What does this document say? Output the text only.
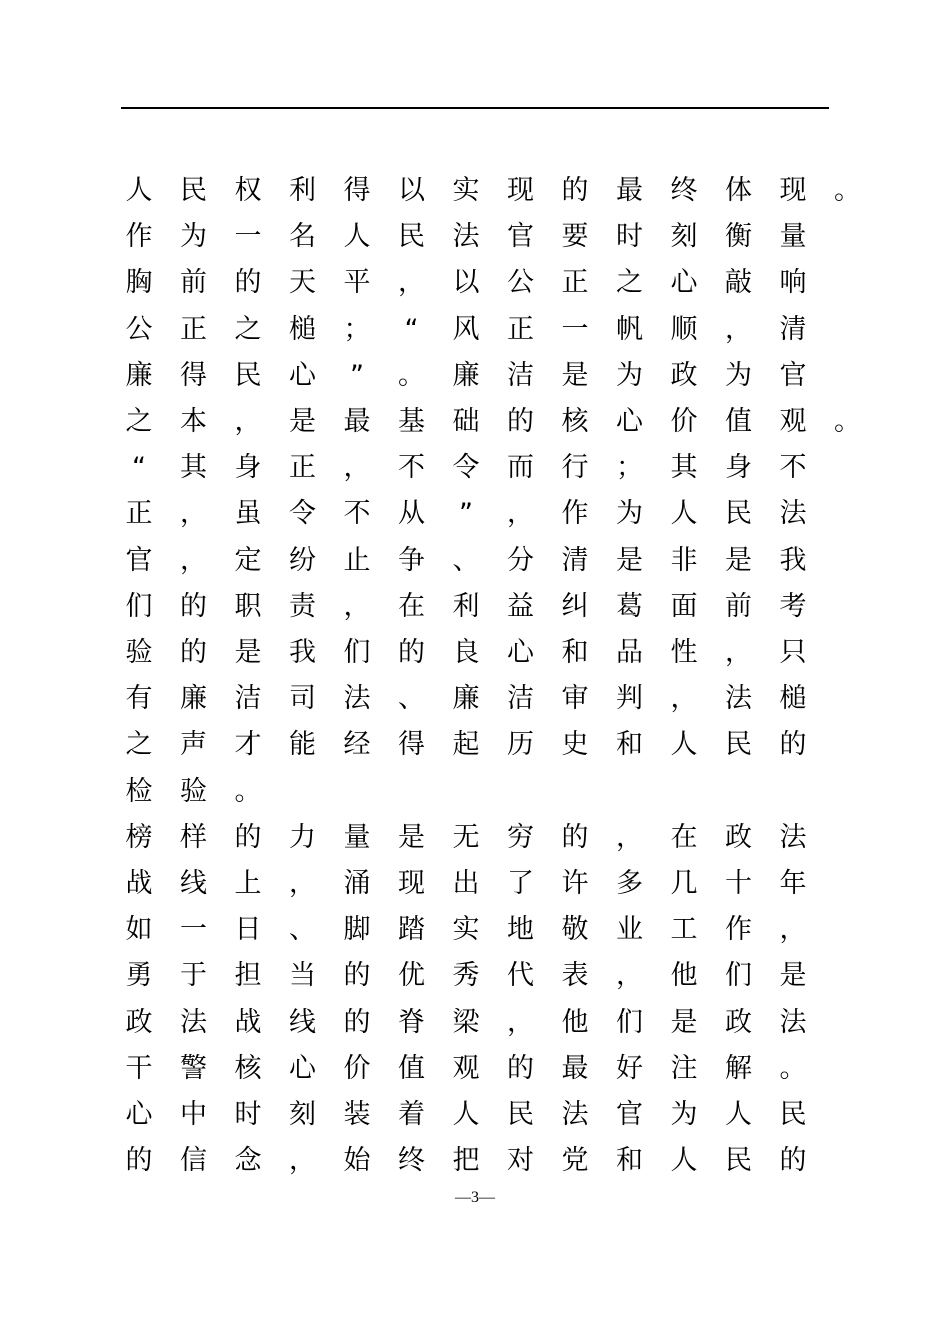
人 民 权 利 得 以 实 现 的 最 终 体 现 。
作 为 一 名 人 民 法 官 要 时 刻 衡 量
胸 前 的 天 平 ， 以 公 正 之 心 敲 响
公 正 之 槌 ； “ 风 正 一 帆 顺 ， 清
廉 得 民 心 ” 。 廉 洁 是 为 政 为 官
之 本 ， 是 最 基 础 的 核 心 价 值 观 。
“ 其 身 正 ， 不 令 而 行 ； 其 身 不
正 ， 虽 令 不 从 ” ， 作 为 人 民 法
官 ， 定 纷 止 争 、 分 清 是 非 是 我
们 的 职 责 ， 在 利 益 纠 葛 面 前 考
验 的 是 我 们 的 良 心 和 品 性 ， 只
有 廉 洁 司 法 、 廉 洁 审 判 ， 法 槌
之 声 才 能 经 得 起 历 史 和 人 民 的
检 验 。
榜 样 的 力 量 是 无 穷 的 ， 在 政 法
战 线 上 ， 涌 现 出 了 许 多 几 十 年
如 一 日 、 脚 踏 实 地 敬 业 工 作 ，
勇 于 担 当 的 优 秀 代 表 ， 他 们 是
政 法 战 线 的 脊 梁 ， 他 们 是 政 法
干 警 核 心 价 值 观 的 最 好 注 解 。
心 中 时 刻 装 着 人 民 法 官 为 人 民
的 信 念 ， 始 终 把 对 党 和 人 民 的
—3—
